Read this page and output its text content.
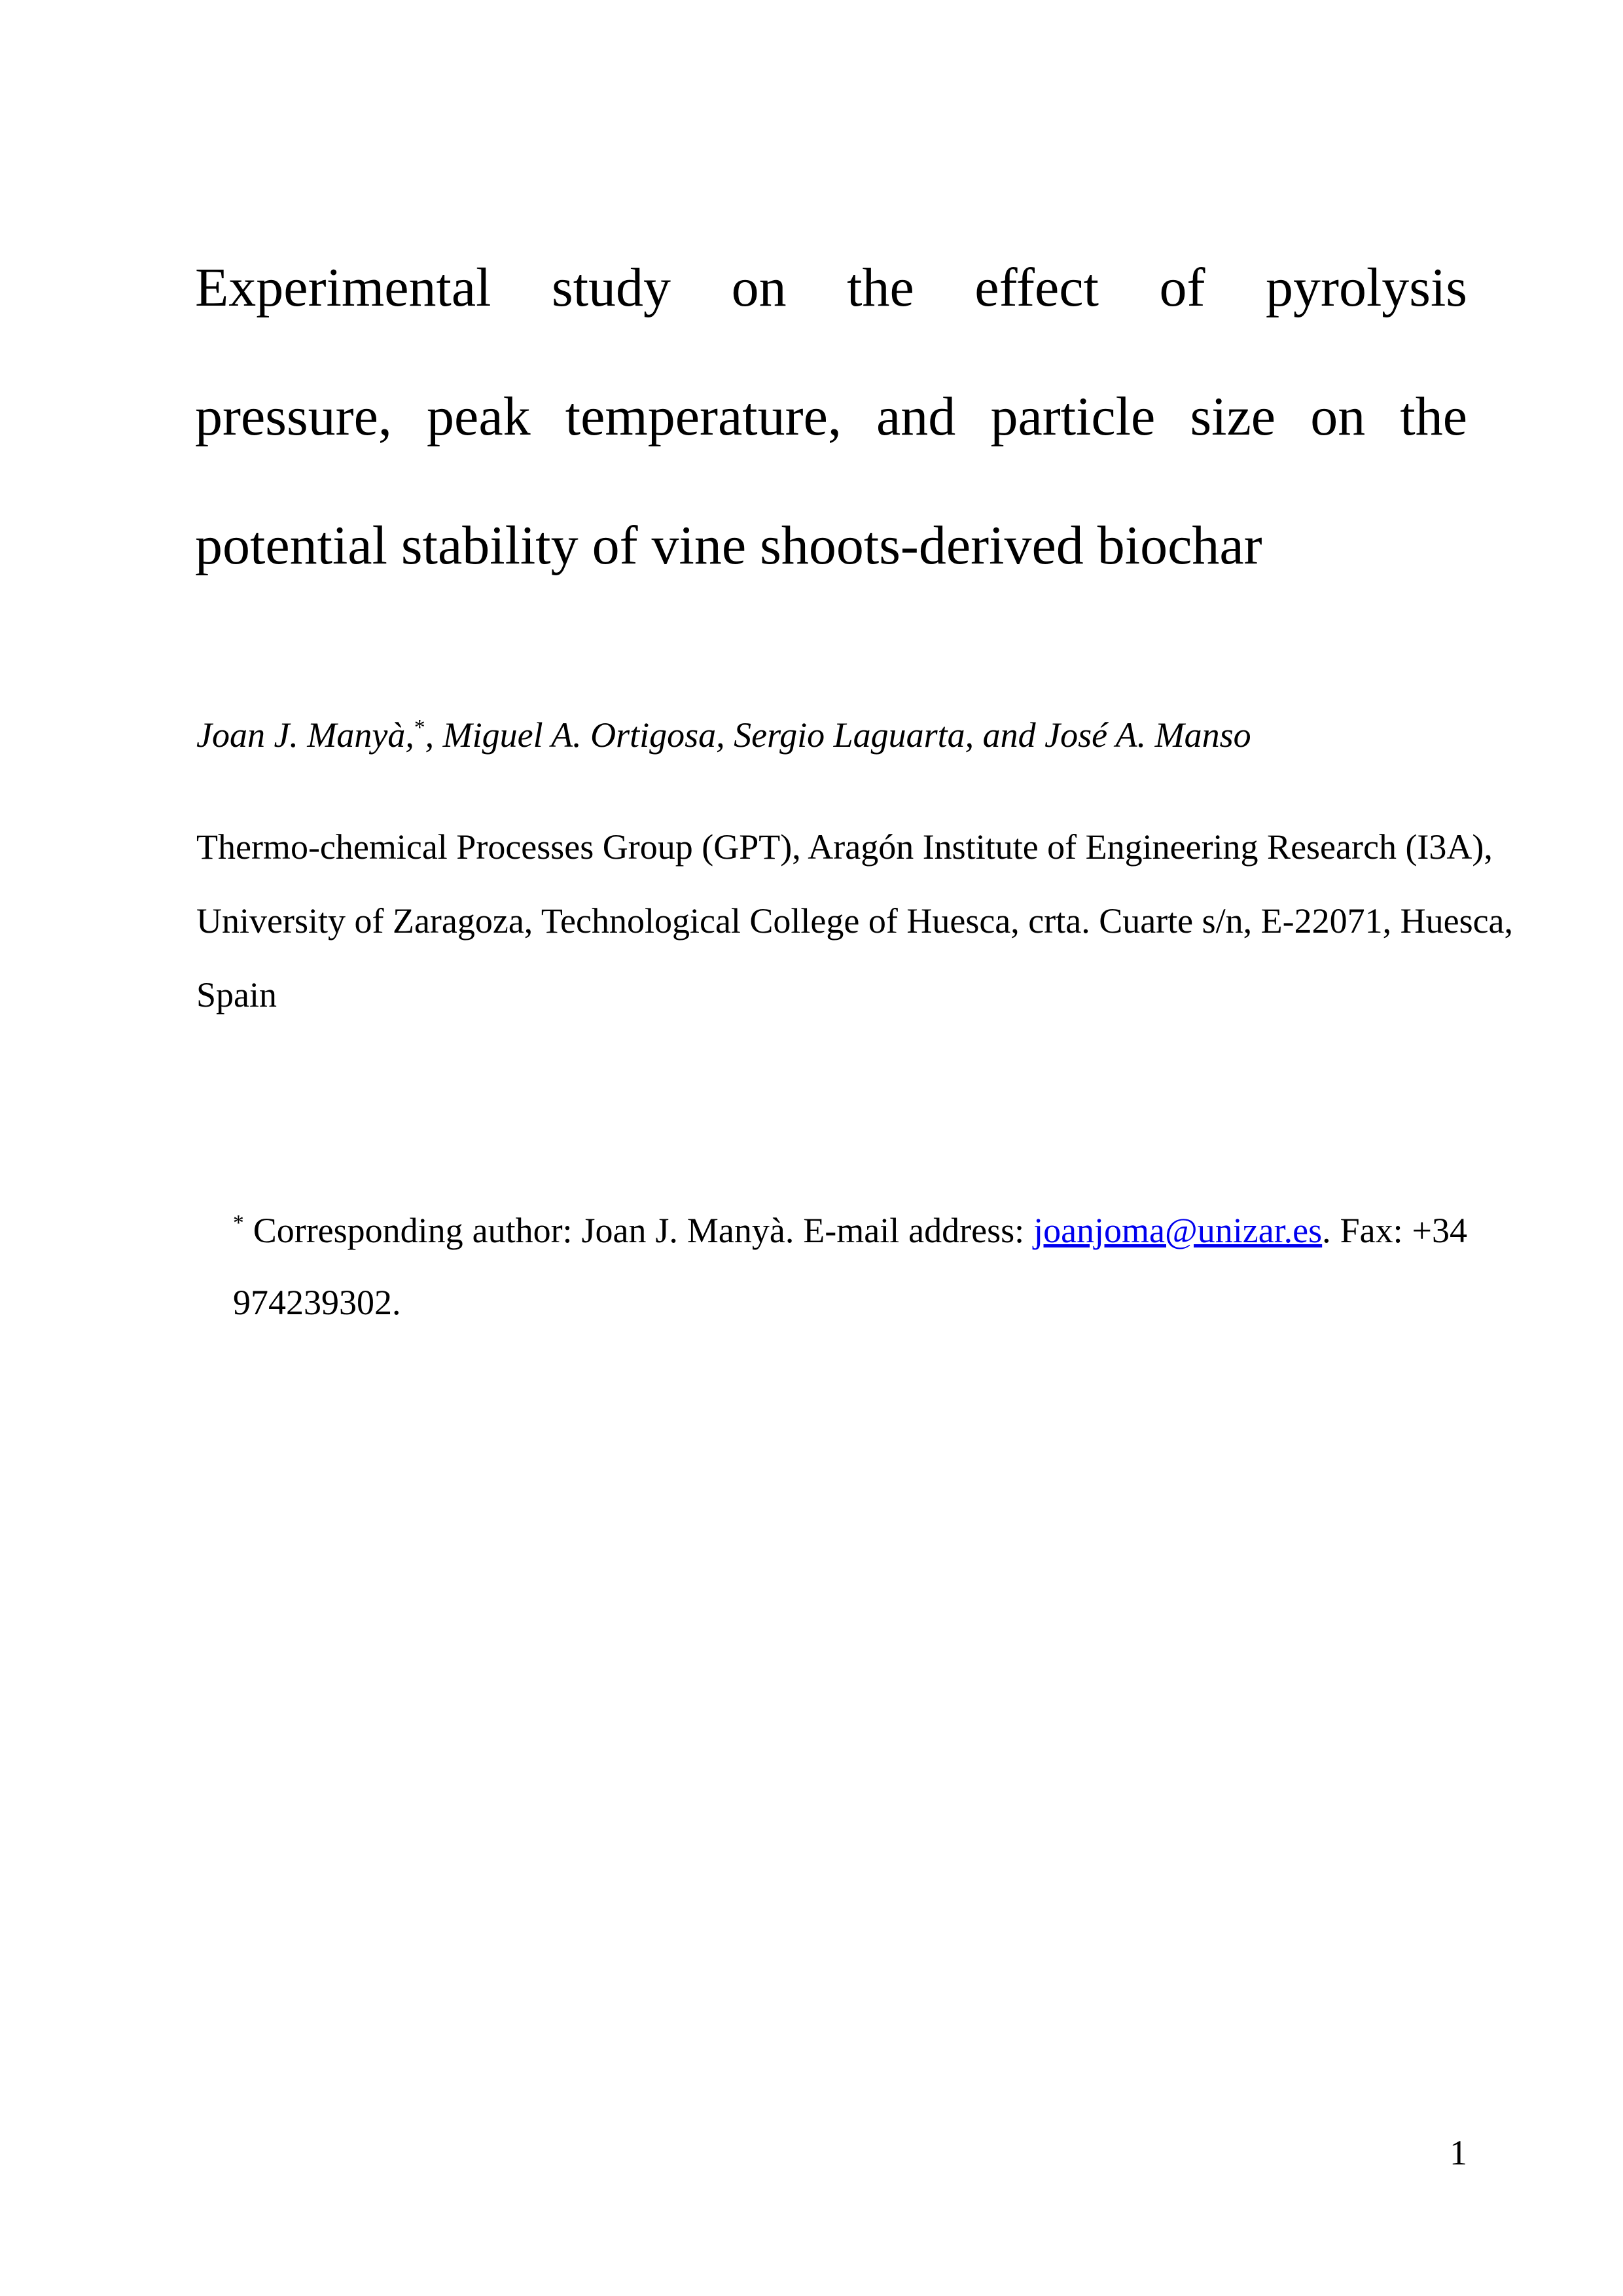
Experimental study on the effect of pyrolysis
pressure, peak temperature, and particle size on the
potential stability of vine shoots-derived biochar
Joan J. Manyà,*, Miguel A. Ortigosa, Sergio Laguarta, and José A. Manso
Thermo-chemical Processes Group (GPT), Aragón Institute of Engineering Research (I3A),
University of Zaragoza, Technological College of Huesca, crta. Cuarte s/n, E-22071, Huesca,
Spain
* Corresponding author: Joan J. Manyà. E-mail address: joanjoma@unizar.es. Fax: +34
974239302.
1
